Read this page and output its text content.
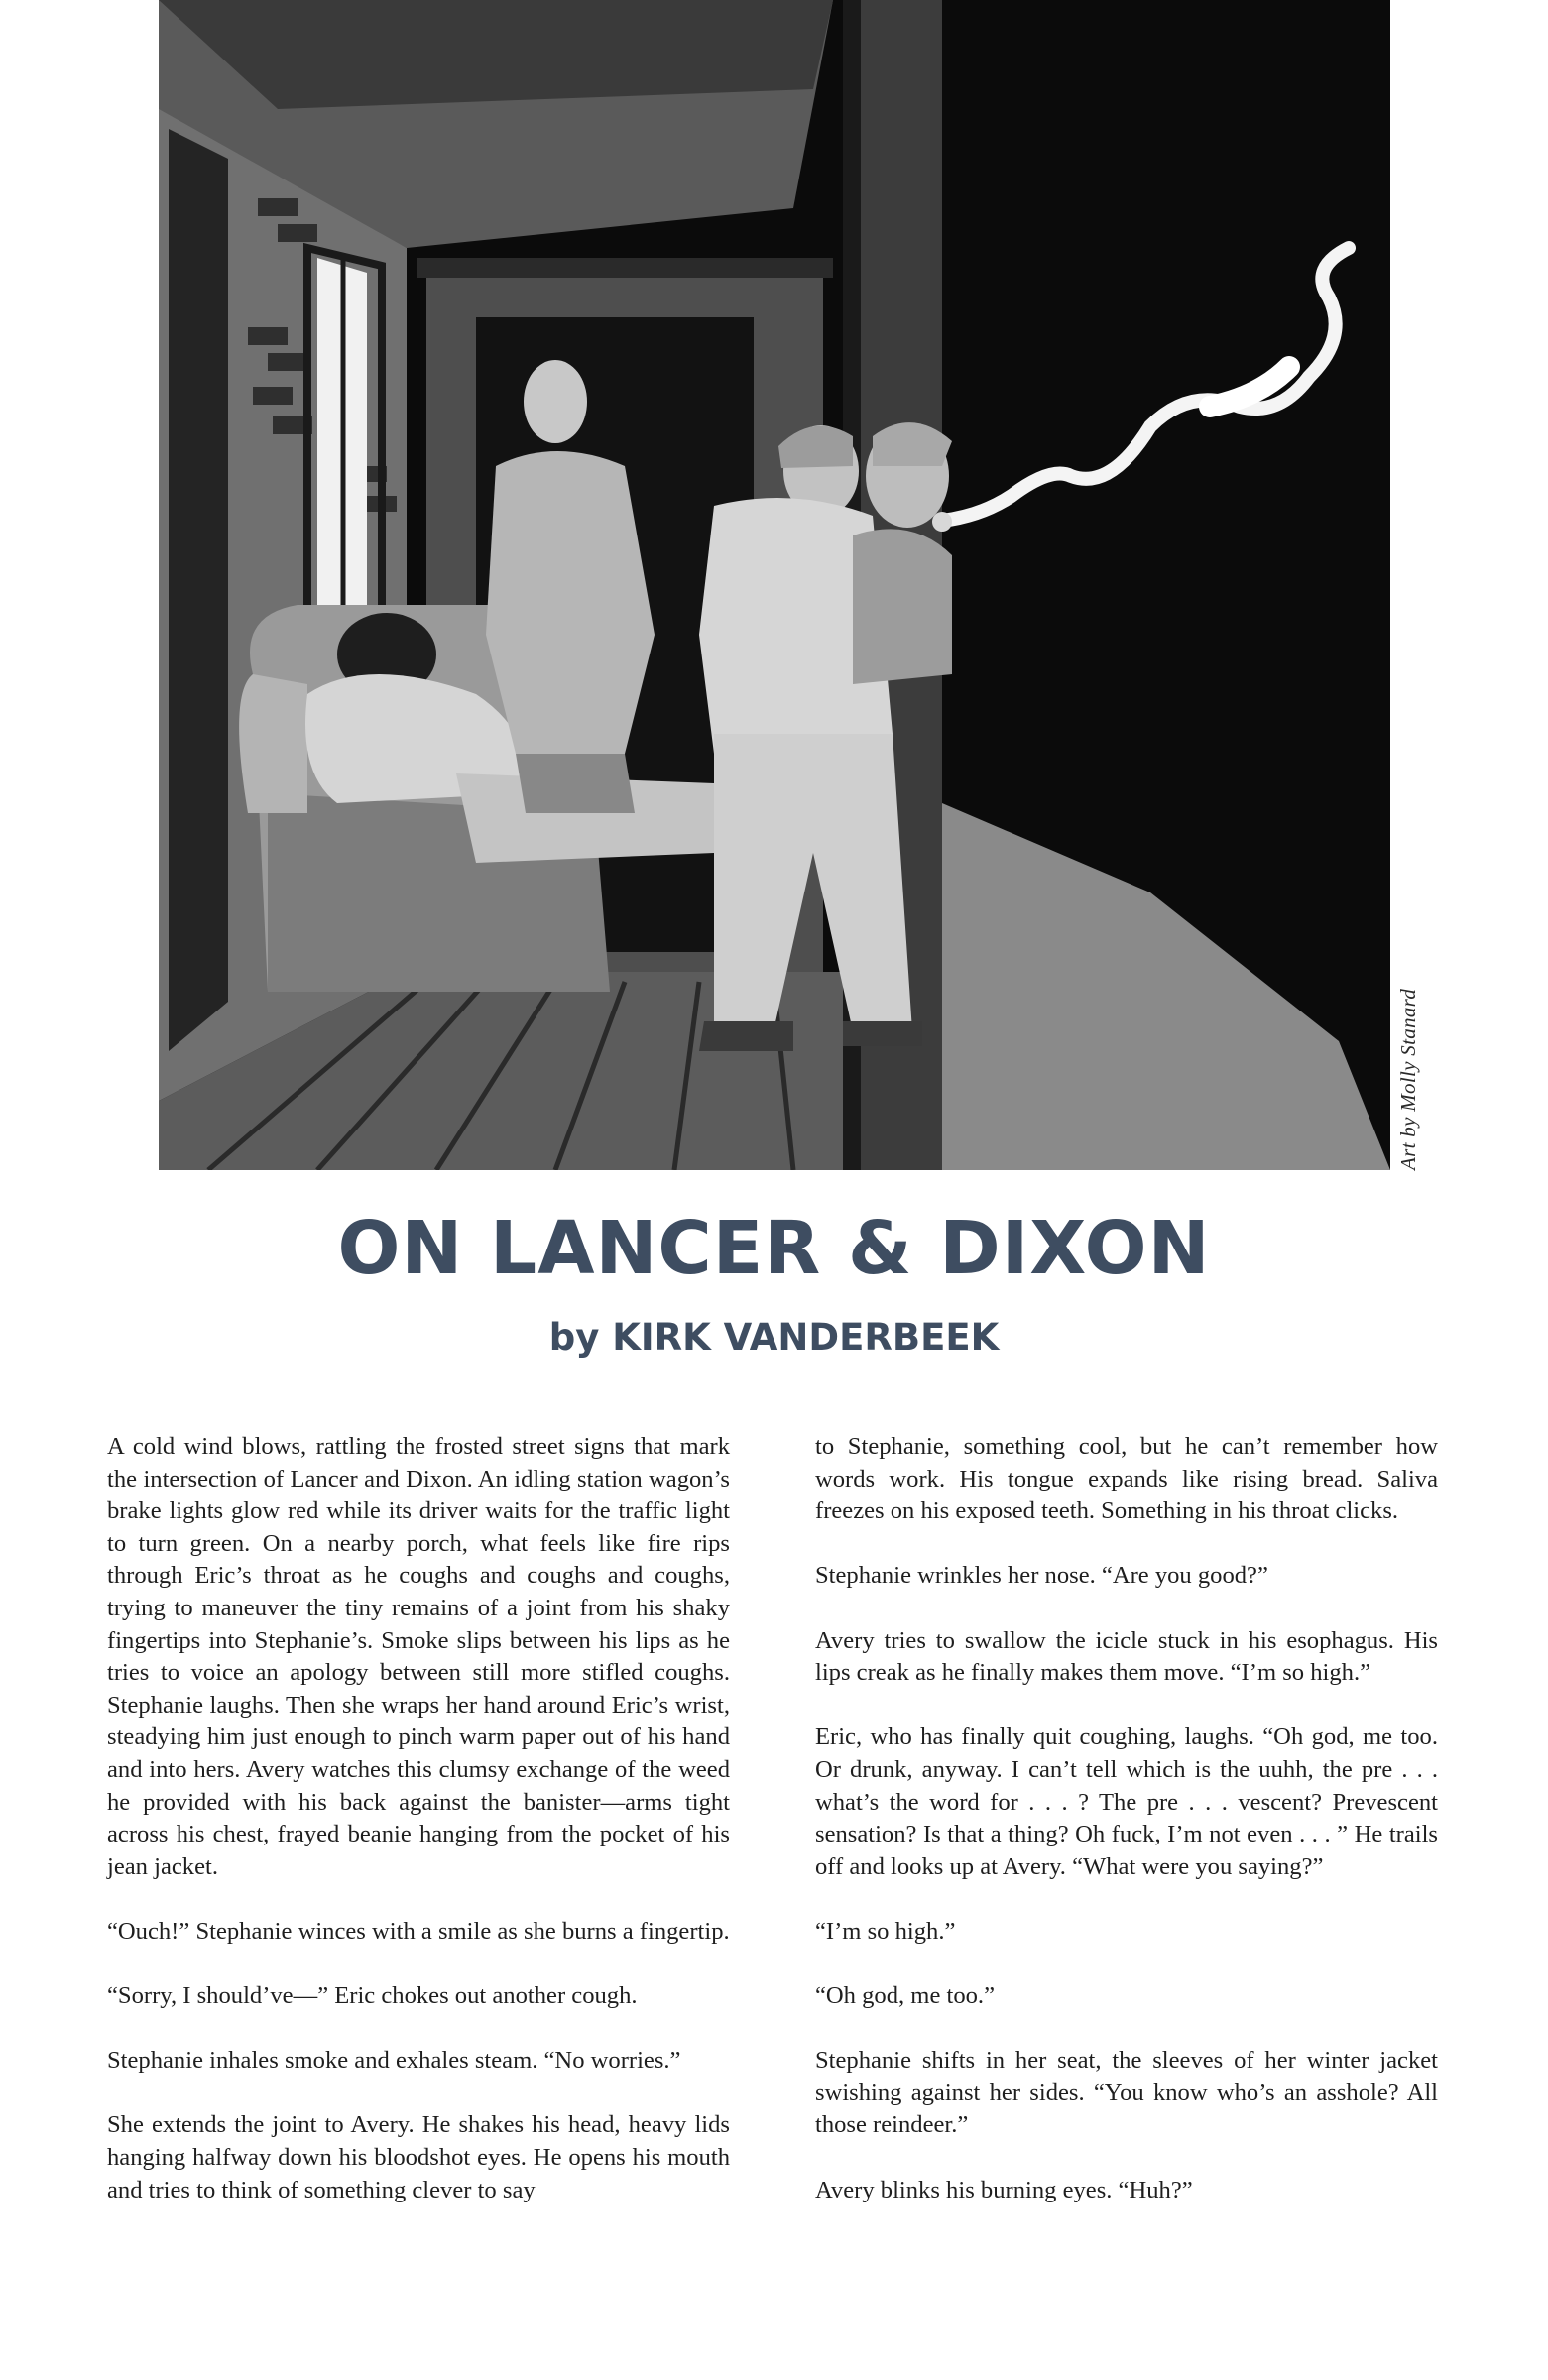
Art by Molly Stanard
ON LANCER & DIXON
by KIRK VANDERBEEK

A cold wind blows, rattling the frosted street signs that mark the intersection of Lancer and Dixon. An idling station wagon’s brake lights glow red while its driver waits for the traffic light to turn green. On a nearby porch, what feels like fire rips through Eric’s throat as he coughs and coughs and coughs, trying to maneuver the tiny remains of a joint from his shaky fingertips into Stephanie’s. Smoke slips between his lips as he tries to voice an apology between still more stifled coughs. Stephanie laughs. Then she wraps her hand around Eric’s wrist, steadying him just enough to pinch warm paper out of his hand and into hers. Avery watches this clumsy exchange of the weed he provided with his back against the banister—arms tight across his chest, frayed beanie hanging from the pocket of his jean jacket.

“Ouch!” Stephanie winces with a smile as she burns a fingertip.

“Sorry, I should’ve—” Eric chokes out another cough.

Stephanie inhales smoke and exhales steam. “No worries.”

She extends the joint to Avery. He shakes his head, heavy lids hanging halfway down his bloodshot eyes. He opens his mouth and tries to think of something clever to say

to Stephanie, something cool, but he can’t remember how words work. His tongue expands like rising bread. Saliva freezes on his exposed teeth. Something in his throat clicks.

Stephanie wrinkles her nose. “Are you good?”

Avery tries to swallow the icicle stuck in his esophagus. His lips creak as he finally makes them move. “I’m so high.”

Eric, who has finally quit coughing, laughs. “Oh god, me too. Or drunk, anyway. I can’t tell which is the uuhh, the pre . . . what’s the word for . . . ? The pre . . . vescent? Prevescent sensation? Is that a thing? Oh fuck, I’m not even . . . ” He trails off and looks up at Avery. “What were you saying?”

“I’m so high.”

“Oh god, me too.”

Stephanie shifts in her seat, the sleeves of her winter jacket swishing against her sides. “You know who’s an asshole? All those reindeer.”

Avery blinks his burning eyes. “Huh?”
